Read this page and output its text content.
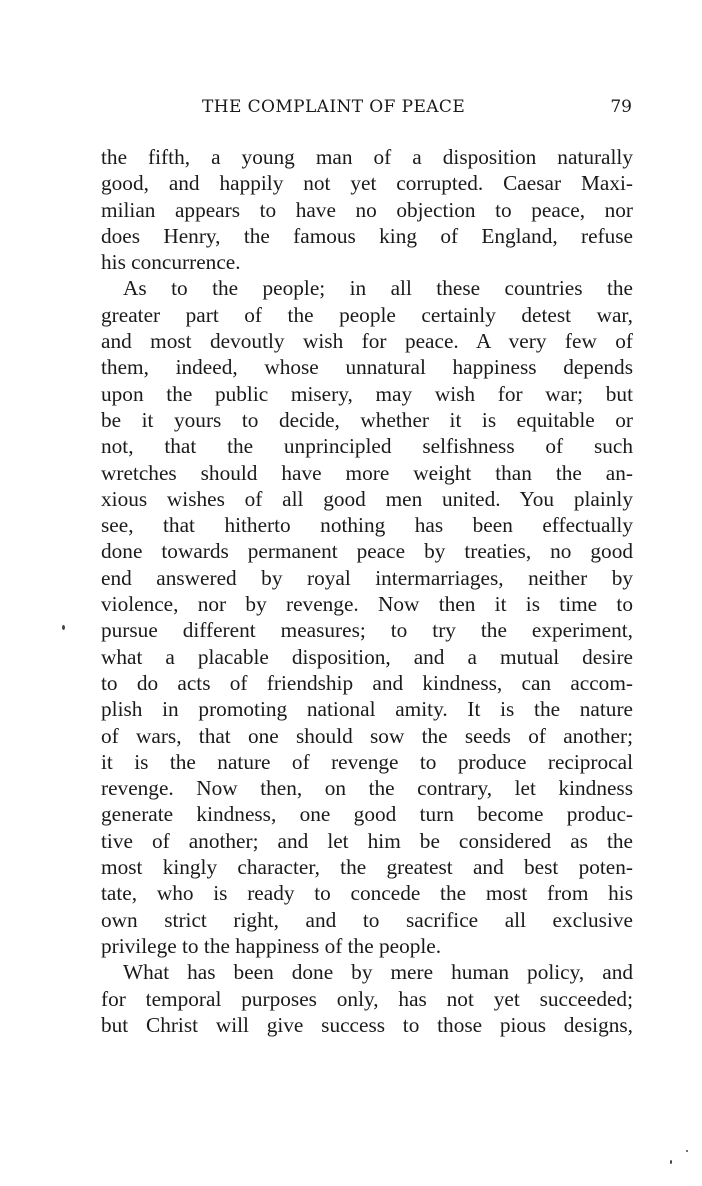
THE COMPLAINT OF PEACE	79
the fifth, a young man of a disposition naturally
good, and happily not yet corrupted. Caesar Maxi-
milian appears to have no objection to peace, nor
does Henry, the famous king of England, refuse
his concurrence.
As to the people; in all these countries the
greater part of the people certainly detest war,
and most devoutly wish for peace. A very few of
them, indeed, whose unnatural happiness depends
upon the public misery, may wish for war; but
be it yours to decide, whether it is equitable or
not, that the unprincipled selfishness of such
wretches should have more weight than the an-
xious wishes of all good men united. You plainly
see, that hitherto nothing has been effectually
done towards permanent peace by treaties, no good
end answered by royal intermarriages, neither by
violence, nor by revenge. Now then it is time to
pursue different measures; to try the experiment,
what a placable disposition, and a mutual desire
to do acts of friendship and kindness, can accom-
plish in promoting national amity. It is the nature
of wars, that one should sow the seeds of another;
it is the nature of revenge to produce reciprocal
revenge. Now then, on the contrary, let kindness
generate kindness, one good turn become produc-
tive of another; and let him be considered as the
most kingly character, the greatest and best poten-
tate, who is ready to concede the most from his
own strict right, and to sacrifice all exclusive
privilege to the happiness of the people.
What has been done by mere human policy, and
for temporal purposes only, has not yet succeeded;
but Christ will give success to those pious designs,
